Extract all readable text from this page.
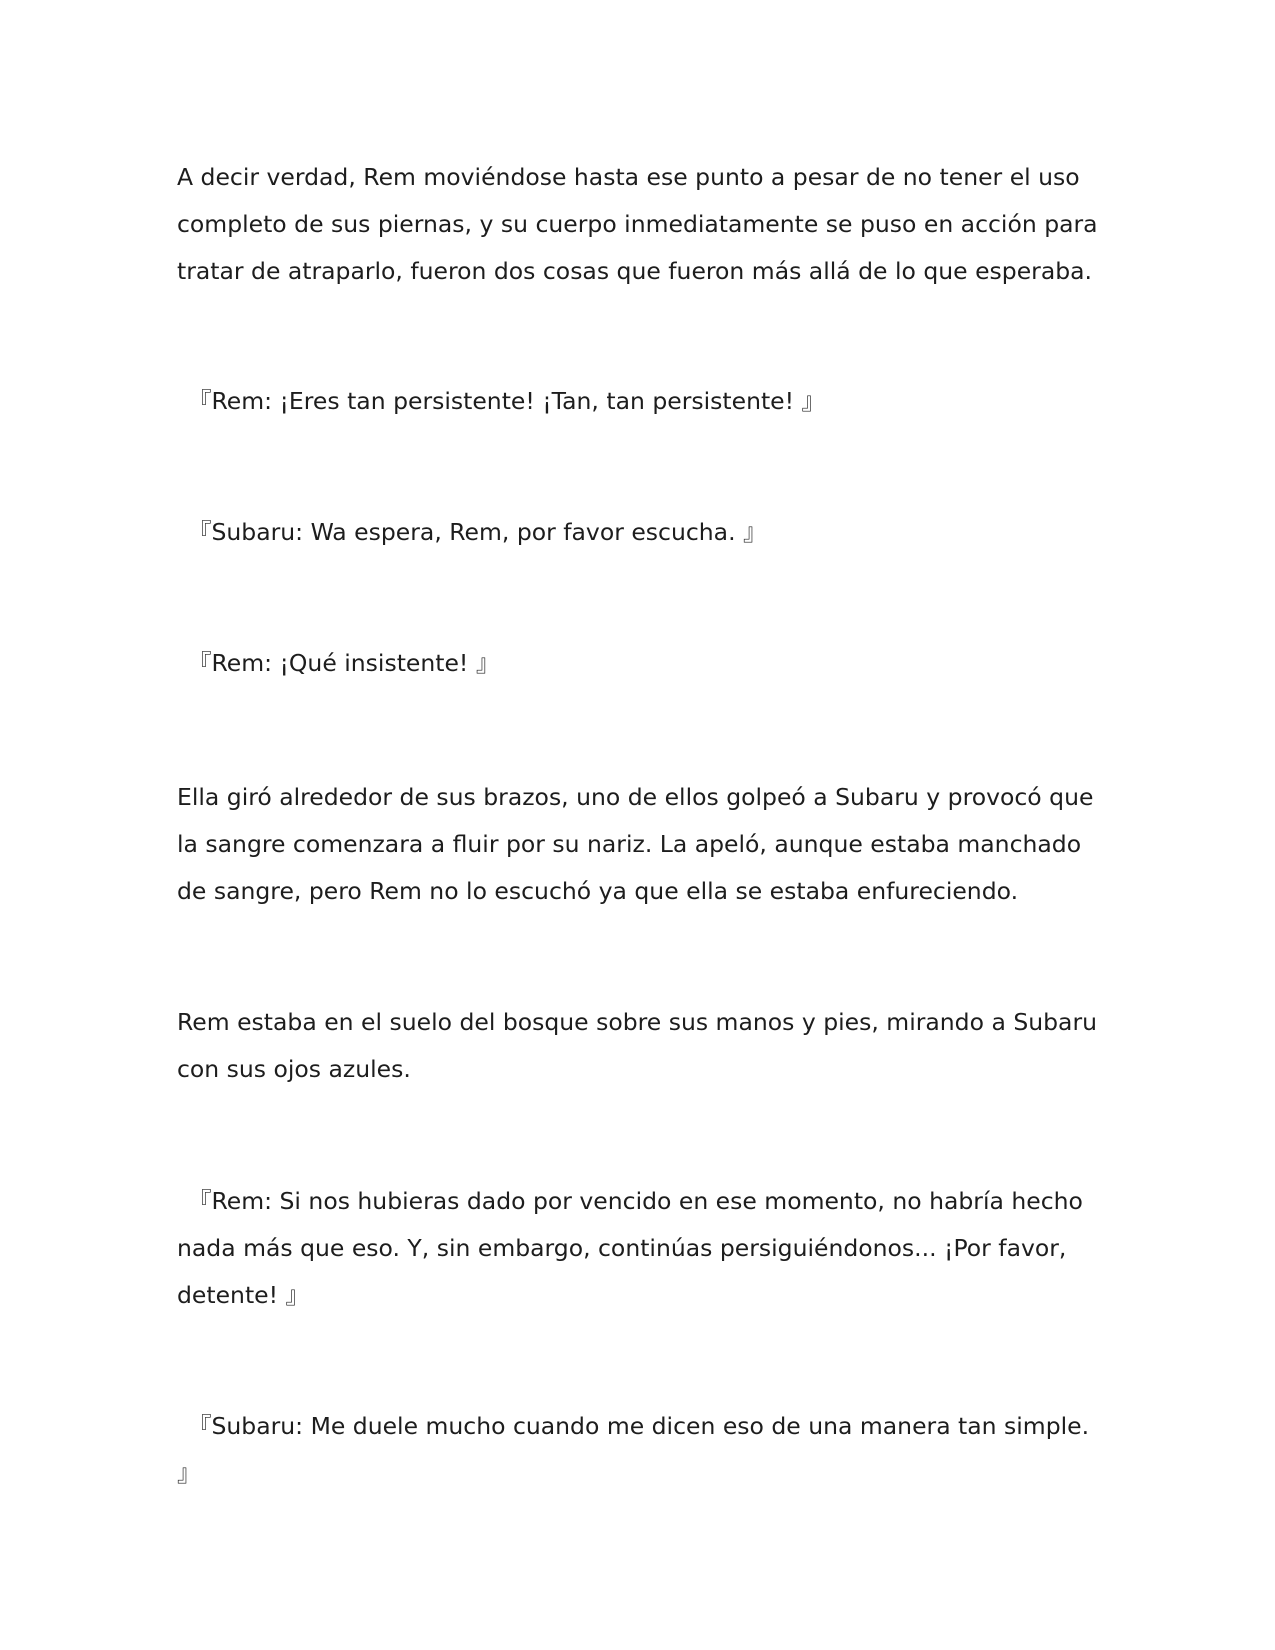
A decir verdad, Rem moviéndose hasta ese punto a pesar de no tener el uso
completo de sus piernas, y su cuerpo inmediatamente se puso en acción para
tratar de atraparlo, fueron dos cosas que fueron más allá de lo que esperaba.

『Rem: ¡Eres tan persistente! ¡Tan, tan persistente! 』

『Subaru: Wa espera, Rem, por favor escucha. 』

『Rem: ¡Qué insistente! 』

Ella giró alrededor de sus brazos, uno de ellos golpeó a Subaru y provocó que
la sangre comenzara a fluir por su nariz. La apeló, aunque estaba manchado
de sangre, pero Rem no lo escuchó ya que ella se estaba enfureciendo.

Rem estaba en el suelo del bosque sobre sus manos y pies, mirando a Subaru
con sus ojos azules.

『Rem: Si nos hubieras dado por vencido en ese momento, no habría hecho
nada más que eso. Y, sin embargo, continúas persiguiéndonos... ¡Por favor,
detente! 』

『Subaru: Me duele mucho cuando me dicen eso de una manera tan simple.
』
